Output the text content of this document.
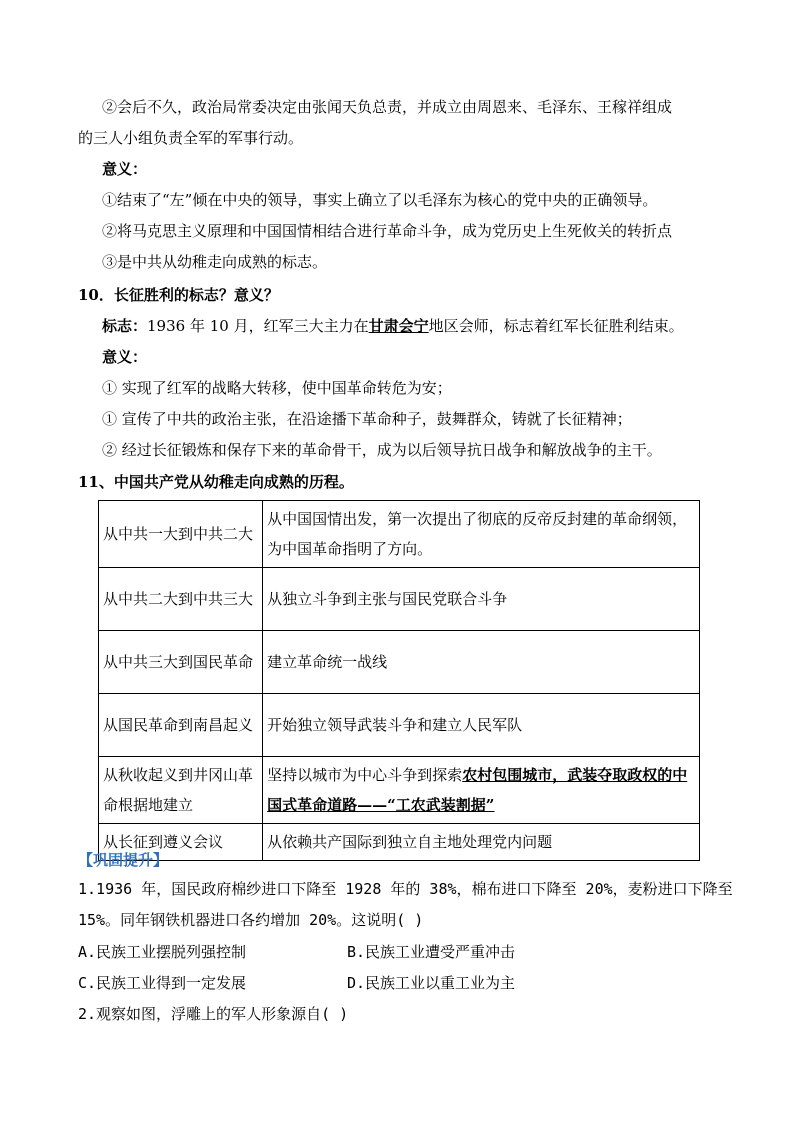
②会后不久，政治局常委决定由张闻天负总责，并成立由周恩来、毛泽东、王稼祥组成
的三人小组负责全军的军事行动。
意义：
①结束了“左”倾在中央的领导，事实上确立了以毛泽东为核心的党中央的正确领导。
②将马克思主义原理和中国国情相结合进行革命斗争，成为党历史上生死攸关的转折点
③是中共从幼稚走向成熟的标志。
10．长征胜利的标志？意义？
标志：1936 年 10 月，红军三大主力在甘肃会宁地区会师，标志着红军长征胜利结束。
意义：
① 实现了红军的战略大转移，使中国革命转危为安；
① 宣传了中共的政治主张，在沿途播下革命种子，鼓舞群众，铸就了长征精神；
② 经过长征锻炼和保存下来的革命骨干，成为以后领导抗日战争和解放战争的主干。
11、中国共产党从幼稚走向成熟的历程。
从中共一大到中共二大	从中国国情出发，第一次提出了彻底的反帝反封建的革命纲领，为中国革命指明了方向。
从中共二大到中共三大	从独立斗争到主张与国民党联合斗争
从中共三大到国民革命	建立革命统一战线
从国民革命到南昌起义	开始独立领导武装斗争和建立人民军队
从秋收起义到井冈山革命根据地建立	坚持以城市为中心斗争到探索农村包围城市，武装夺取政权的中国式革命道路——“工农武装割据”
从长征到遵义会议	从依赖共产国际到独立自主地处理党内问题
【巩固提升】
1.1936 年，国民政府棉纱进口下降至 1928 年的 38%，棉布进口下降至 20%，麦粉进口下降至
15%。同年钢铁机器进口各约增加 20%。这说明( )
A.民族工业摆脱列强控制	B.民族工业遭受严重冲击
C.民族工业得到一定发展	D.民族工业以重工业为主
2.观察如图，浮雕上的军人形象源自( )
